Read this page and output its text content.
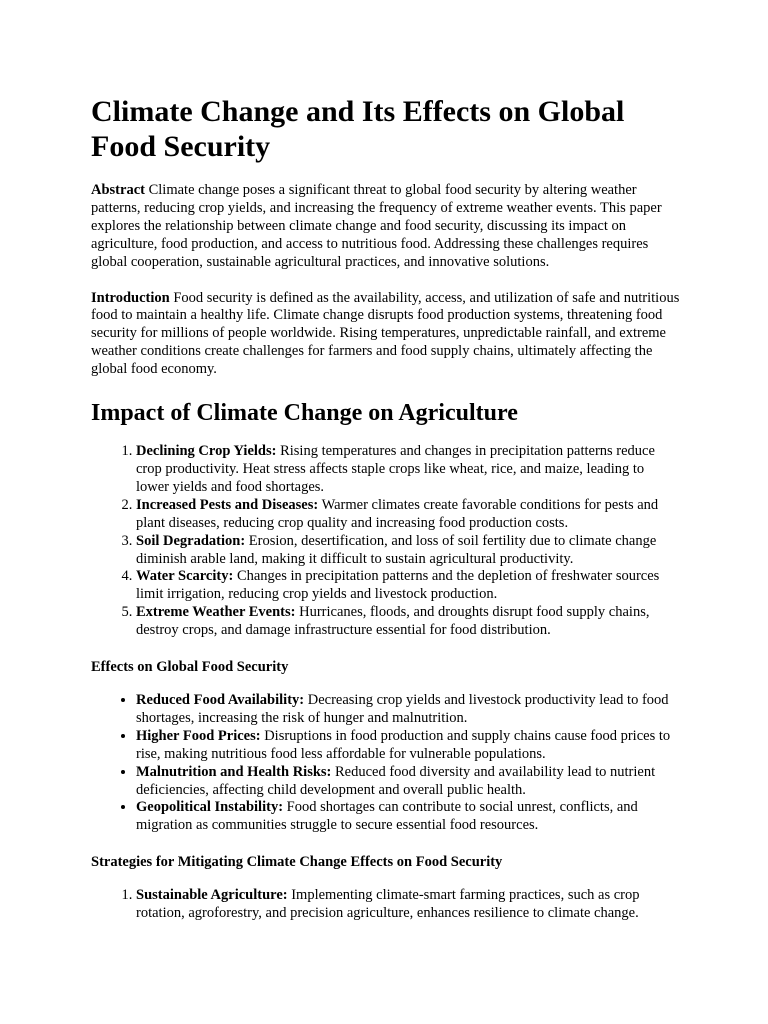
Climate Change and Its Effects on Global Food Security

Abstract Climate change poses a significant threat to global food security by altering weather patterns, reducing crop yields, and increasing the frequency of extreme weather events. This paper explores the relationship between climate change and food security, discussing its impact on agriculture, food production, and access to nutritious food. Addressing these challenges requires global cooperation, sustainable agricultural practices, and innovative solutions.

Introduction Food security is defined as the availability, access, and utilization of safe and nutritious food to maintain a healthy life. Climate change disrupts food production systems, threatening food security for millions of people worldwide. Rising temperatures, unpredictable rainfall, and extreme weather conditions create challenges for farmers and food supply chains, ultimately affecting the global food economy.

Impact of Climate Change on Agriculture
1. Declining Crop Yields: Rising temperatures and changes in precipitation patterns reduce crop productivity. Heat stress affects staple crops like wheat, rice, and maize, leading to lower yields and food shortages.
2. Increased Pests and Diseases: Warmer climates create favorable conditions for pests and plant diseases, reducing crop quality and increasing food production costs.
3. Soil Degradation: Erosion, desertification, and loss of soil fertility due to climate change diminish arable land, making it difficult to sustain agricultural productivity.
4. Water Scarcity: Changes in precipitation patterns and the depletion of freshwater sources limit irrigation, reducing crop yields and livestock production.
5. Extreme Weather Events: Hurricanes, floods, and droughts disrupt food supply chains, destroy crops, and damage infrastructure essential for food distribution.
Effects on Global Food Security
• Reduced Food Availability: Decreasing crop yields and livestock productivity lead to food shortages, increasing the risk of hunger and malnutrition.
• Higher Food Prices: Disruptions in food production and supply chains cause food prices to rise, making nutritious food less affordable for vulnerable populations.
• Malnutrition and Health Risks: Reduced food diversity and availability lead to nutrient deficiencies, affecting child development and overall public health.
• Geopolitical Instability: Food shortages can contribute to social unrest, conflicts, and migration as communities struggle to secure essential food resources.
Strategies for Mitigating Climate Change Effects on Food Security
1. Sustainable Agriculture: Implementing climate-smart farming practices, such as crop rotation, agroforestry, and precision agriculture, enhances resilience to climate change.
